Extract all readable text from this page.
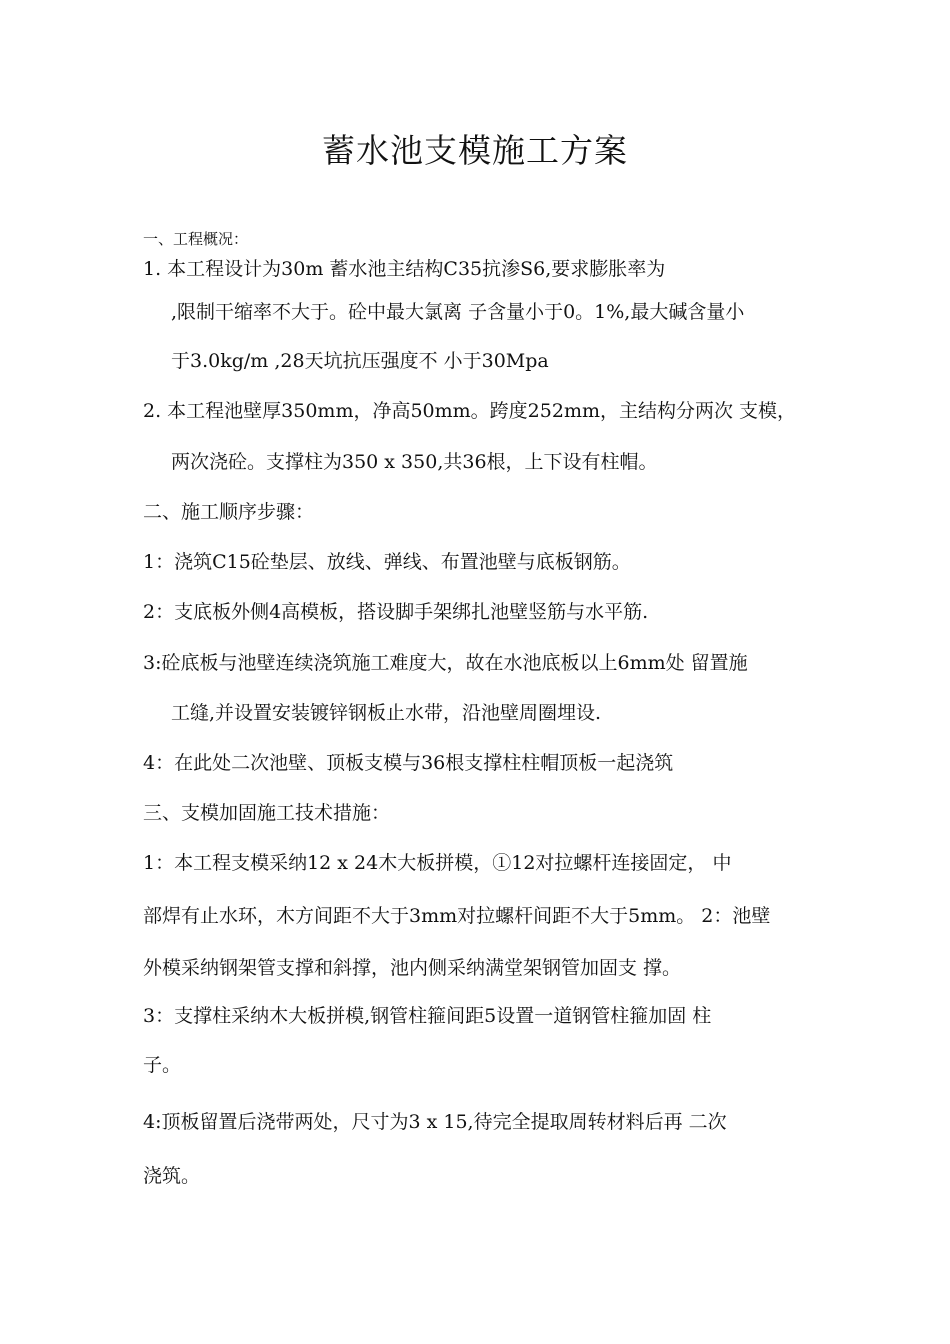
蓄水池支模施工方案
一、工程概况：
1. 本工程设计为30m 蓄水池主结构C35抗渗S6,要求膨胀率为
,限制干缩率不大于。砼中最大氯离 子含量小于0。1%,最大碱含量小
于3.0kg/m ,28天坑抗压强度不 小于30Mpa
2. 本工程池壁厚350mm，净高50mm。跨度252mm，主结构分两次 支模，
两次浇砼。支撑柱为350 x 350,共36根，上下设有柱帽。
二、施工顺序步骤：
1：浇筑C15砼垫层、放线、弹线、布置池壁与底板钢筋。
2：支底板外侧4高模板，搭设脚手架绑扎池壁竖筋与水平筋.
3:砼底板与池壁连续浇筑施工难度大，故在水池底板以上6mm处 留置施
工缝,并设置安装镀锌钢板止水带，沿池壁周圈埋设.
4：在此处二次池壁、顶板支模与36根支撑柱柱帽顶板一起浇筑
三、支模加固施工技术措施：
1：本工程支模采纳12 x 24木大板拼模，①12对拉螺杆连接固定， 中
部焊有止水环，木方间距不大于3mm对拉螺杆间距不大于5mm。 2：池壁
外模采纳钢架管支撑和斜撑，池内侧采纳满堂架钢管加固支 撑。
3：支撑柱采纳木大板拼模,钢管柱箍间距5设置一道钢管柱箍加固 柱
子。
4:顶板留置后浇带两处，尺寸为3 x 15,待完全提取周转材料后再 二次
浇筑。
